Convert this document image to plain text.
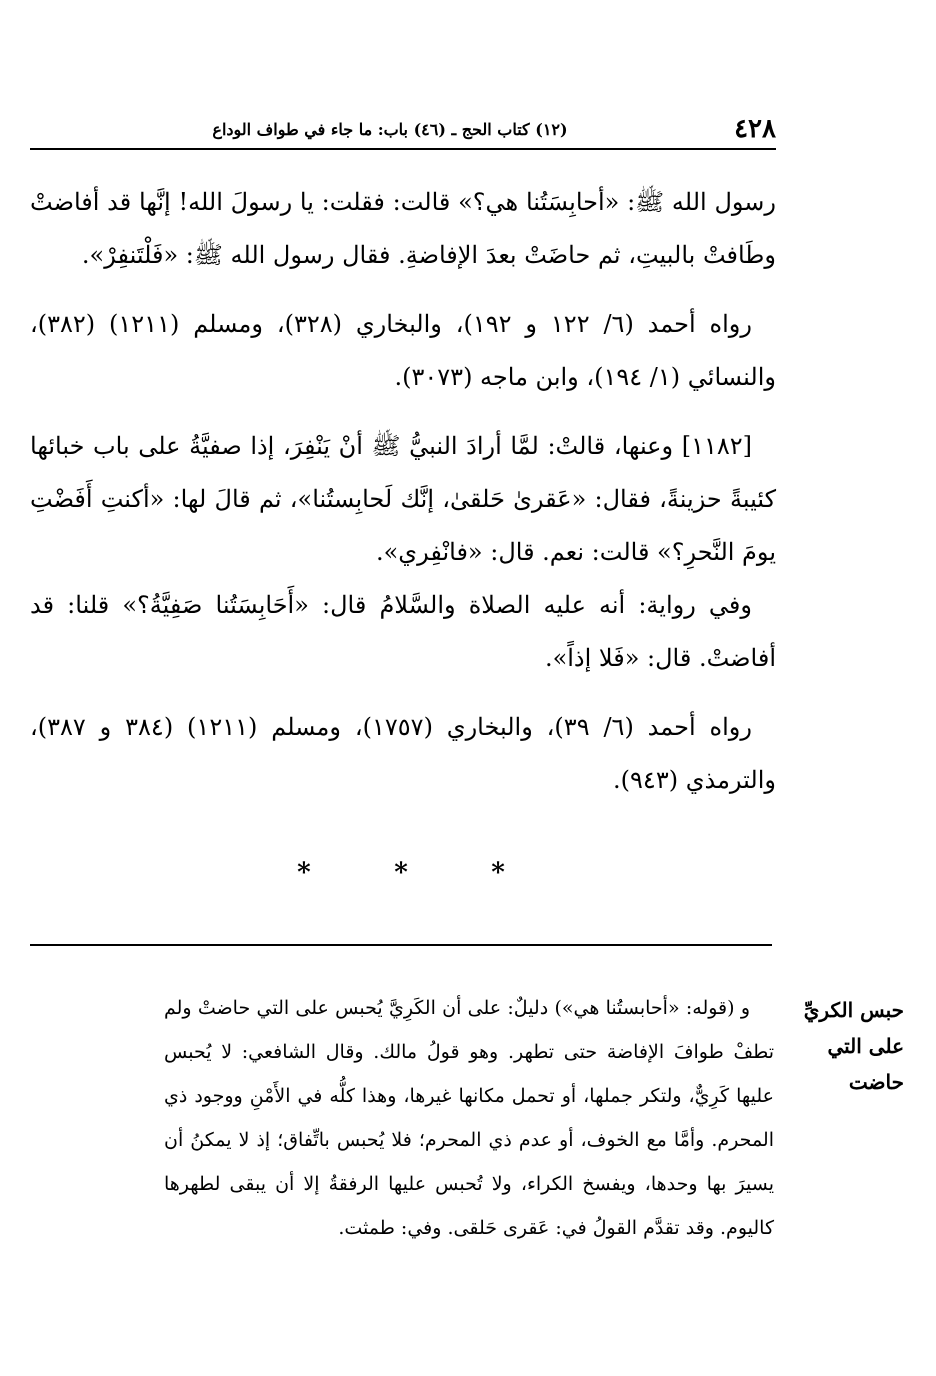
٤٢٨
(١٢) كتاب الحج ـ (٤٦) باب: ما جاء في طواف الوداع

رسول الله ﷺ: «أحابِسَتُنا هي؟» قالت: فقلت: يا رسولَ الله! إنَّها قد أفاضتْ وطَافتْ بالبيتِ، ثم حاضَتْ بعدَ الإفاضةِ. فقال رسول الله ﷺ: «فَلْتَنفِرْ».

رواه أحمد (٦/ ١٢٢ و ١٩٢)، والبخاري (٣٢٨)، ومسلم (١٢١١) (٣٨٢)، والنسائي (١/ ١٩٤)، وابن ماجه (٣٠٧٣).

[١١٨٢] وعنها، قالتْ: لمَّا أرادَ النبيُّ ﷺ أنْ يَنْفِرَ، إذا صفيَّةُ على باب خبائها كئيبةً حزينةً، فقال: «عَقرىٰ حَلقىٰ، إنَّك لَحابِستُنا»، ثم قالَ لها: «أكنتِ أَفَضْتِ يومَ النَّحرِ؟» قالت: نعم. قال: «فانْفِري».

وفي رواية: أنه عليه الصلاة والسَّلامُ قال: «أَحَابِسَتُنا صَفِيَّةُ؟» قلنا: قد أفاضتْ. قال: «فَلا إذاً».

رواه أحمد (٦/ ٣٩)، والبخاري (١٧٥٧)، ومسلم (١٢١١) (٣٨٤ و ٣٨٧)، والترمذي (٩٤٣).

*	*	*
حبس الكريِّ
على التي
حاضت

و (قوله: «أحابستُنا هي») دليلٌ: على أن الكَرِيَّ يُحبس على التي حاضتْ ولم تطفْ طوافَ الإفاضة حتى تطهر. وهو قولُ مالك. وقال الشافعي: لا يُحبس عليها كَرِيٌّ، ولتكر جملها، أو تحمل مكانها غيرها، وهذا كلُّه في الأَمْنِ ووجود ذي المحرم. وأمَّا مع الخوف، أو عدم ذي المحرم؛ فلا يُحبس باتِّفاق؛ إذ لا يمكنُ أن يسيرَ بها وحدها، ويفسخ الكراء، ولا تُحبس عليها الرفقةُ إلا أن يبقى لطهرها كاليوم. وقد تقدَّم القولُ في: عَقرى حَلقى. وفي: طمثت.
